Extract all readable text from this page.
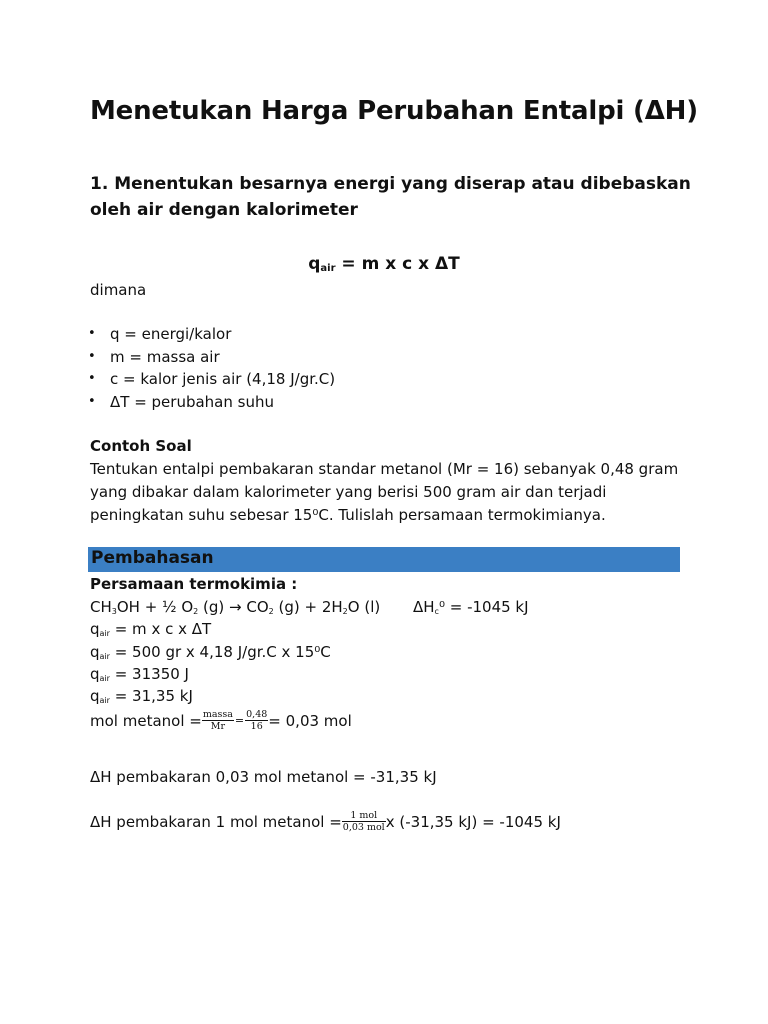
Menetukan Harga Perubahan Entalpi (ΔH)
1. Menentukan besarnya energi yang diserap atau dibebaskan
oleh air dengan kalorimeter
$q_{air} = m$ x c x ΔT
dimana
• q = energi/kalor
• m = massa air
• c = kalor jenis air (4,18 J/gr.C)
• ΔT = perubahan suhu
Contoh Soal
Tentukan entalpi pembakaran standar metanol (Mr = 16) sebanyak 0,48 gram yang dibakar dalam kalorimeter yang berisi 500 gram air dan terjadi peningkatan suhu sebesar 15⁰C. Tulislah persamaan termokimianya.
Pembahasan
Persamaan termokimia :
$CH_3OH$ + ½ $O_2$ $(g) \to CO_2$ $(g) + 2H_2O$ (l) $\Delta H_c^0 = -1045$ kJ
$q_{air} = m$ x c x ΔT
$q_{air} = 500$ gr x 4,18 J/gr.C x 15⁰C
$q_{air} = 31350$ J
$q_{air} = 31,35$ kJ
mol metanol = $\frac{\text{massa}}{Mr} = \frac{0,48}{16} = 0,03$ mol
ΔH pembakaran 0,03 mol metanol = -31,35 kJ
ΔH pembakaran 1 mol metanol = $\frac{\text{1 mol}}{\text{0,03 mol}}$ x (-31,35 kJ) = -1045 kJ
